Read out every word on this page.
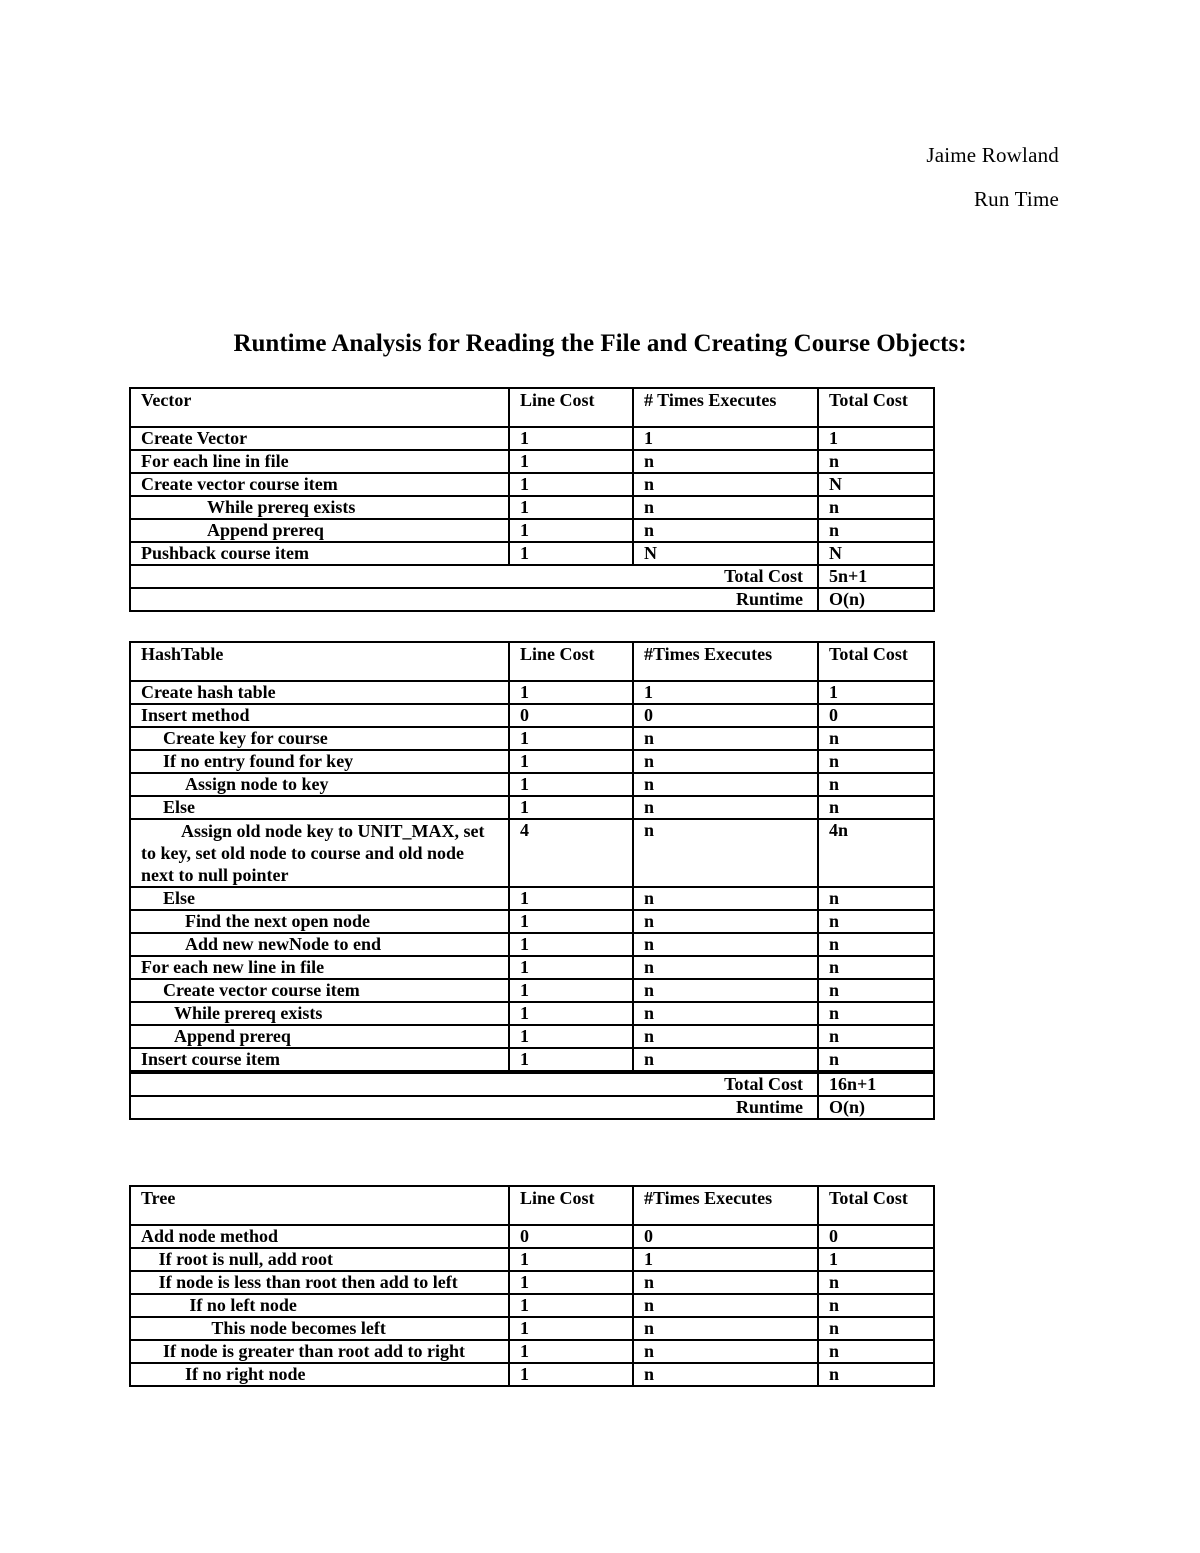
Jaime Rowland
Run Time
Runtime Analysis for Reading the File and Creating Course Objects:
Vector	Line Cost	# Times Executes	Total Cost
Create Vector	1	1	1
For each line in file	1	n	n
Create vector course item	1	n	N
While prereq exists	1	n	n
Append prereq	1	n	n
Pushback course item	1	N	N
Total Cost			5n+1
Runtime			O(n)
HashTable	Line Cost	#Times Executes	Total Cost
Create hash table	1	1	1
Insert method	0	0	0
Create key for course	1	n	n
If no entry found for key	1	n	n
Assign node to key	1	n	n
Else	1	n	n
Assign old node key to UNIT_MAX, set to key, set old node to course and old node next to null pointer	4	n	4n
Else	1	n	n
Find the next open node	1	n	n
Add new newNode to end	1	n	n
For each new line in file	1	n	n
Create vector course item	1	n	n
While prereq exists	1	n	n
Append prereq	1	n	n
Insert course item	1	n	n
Total Cost			16n+1
Runtime			O(n)
Tree	Line Cost	#Times Executes	Total Cost
Add node method	0	0	0
If root is null, add root	1	1	1
If node is less than root then add to left	1	n	n
If no left node	1	n	n
This node becomes left	1	n	n
If node is greater than root add to right	1	n	n
If no right node	1	n	n
